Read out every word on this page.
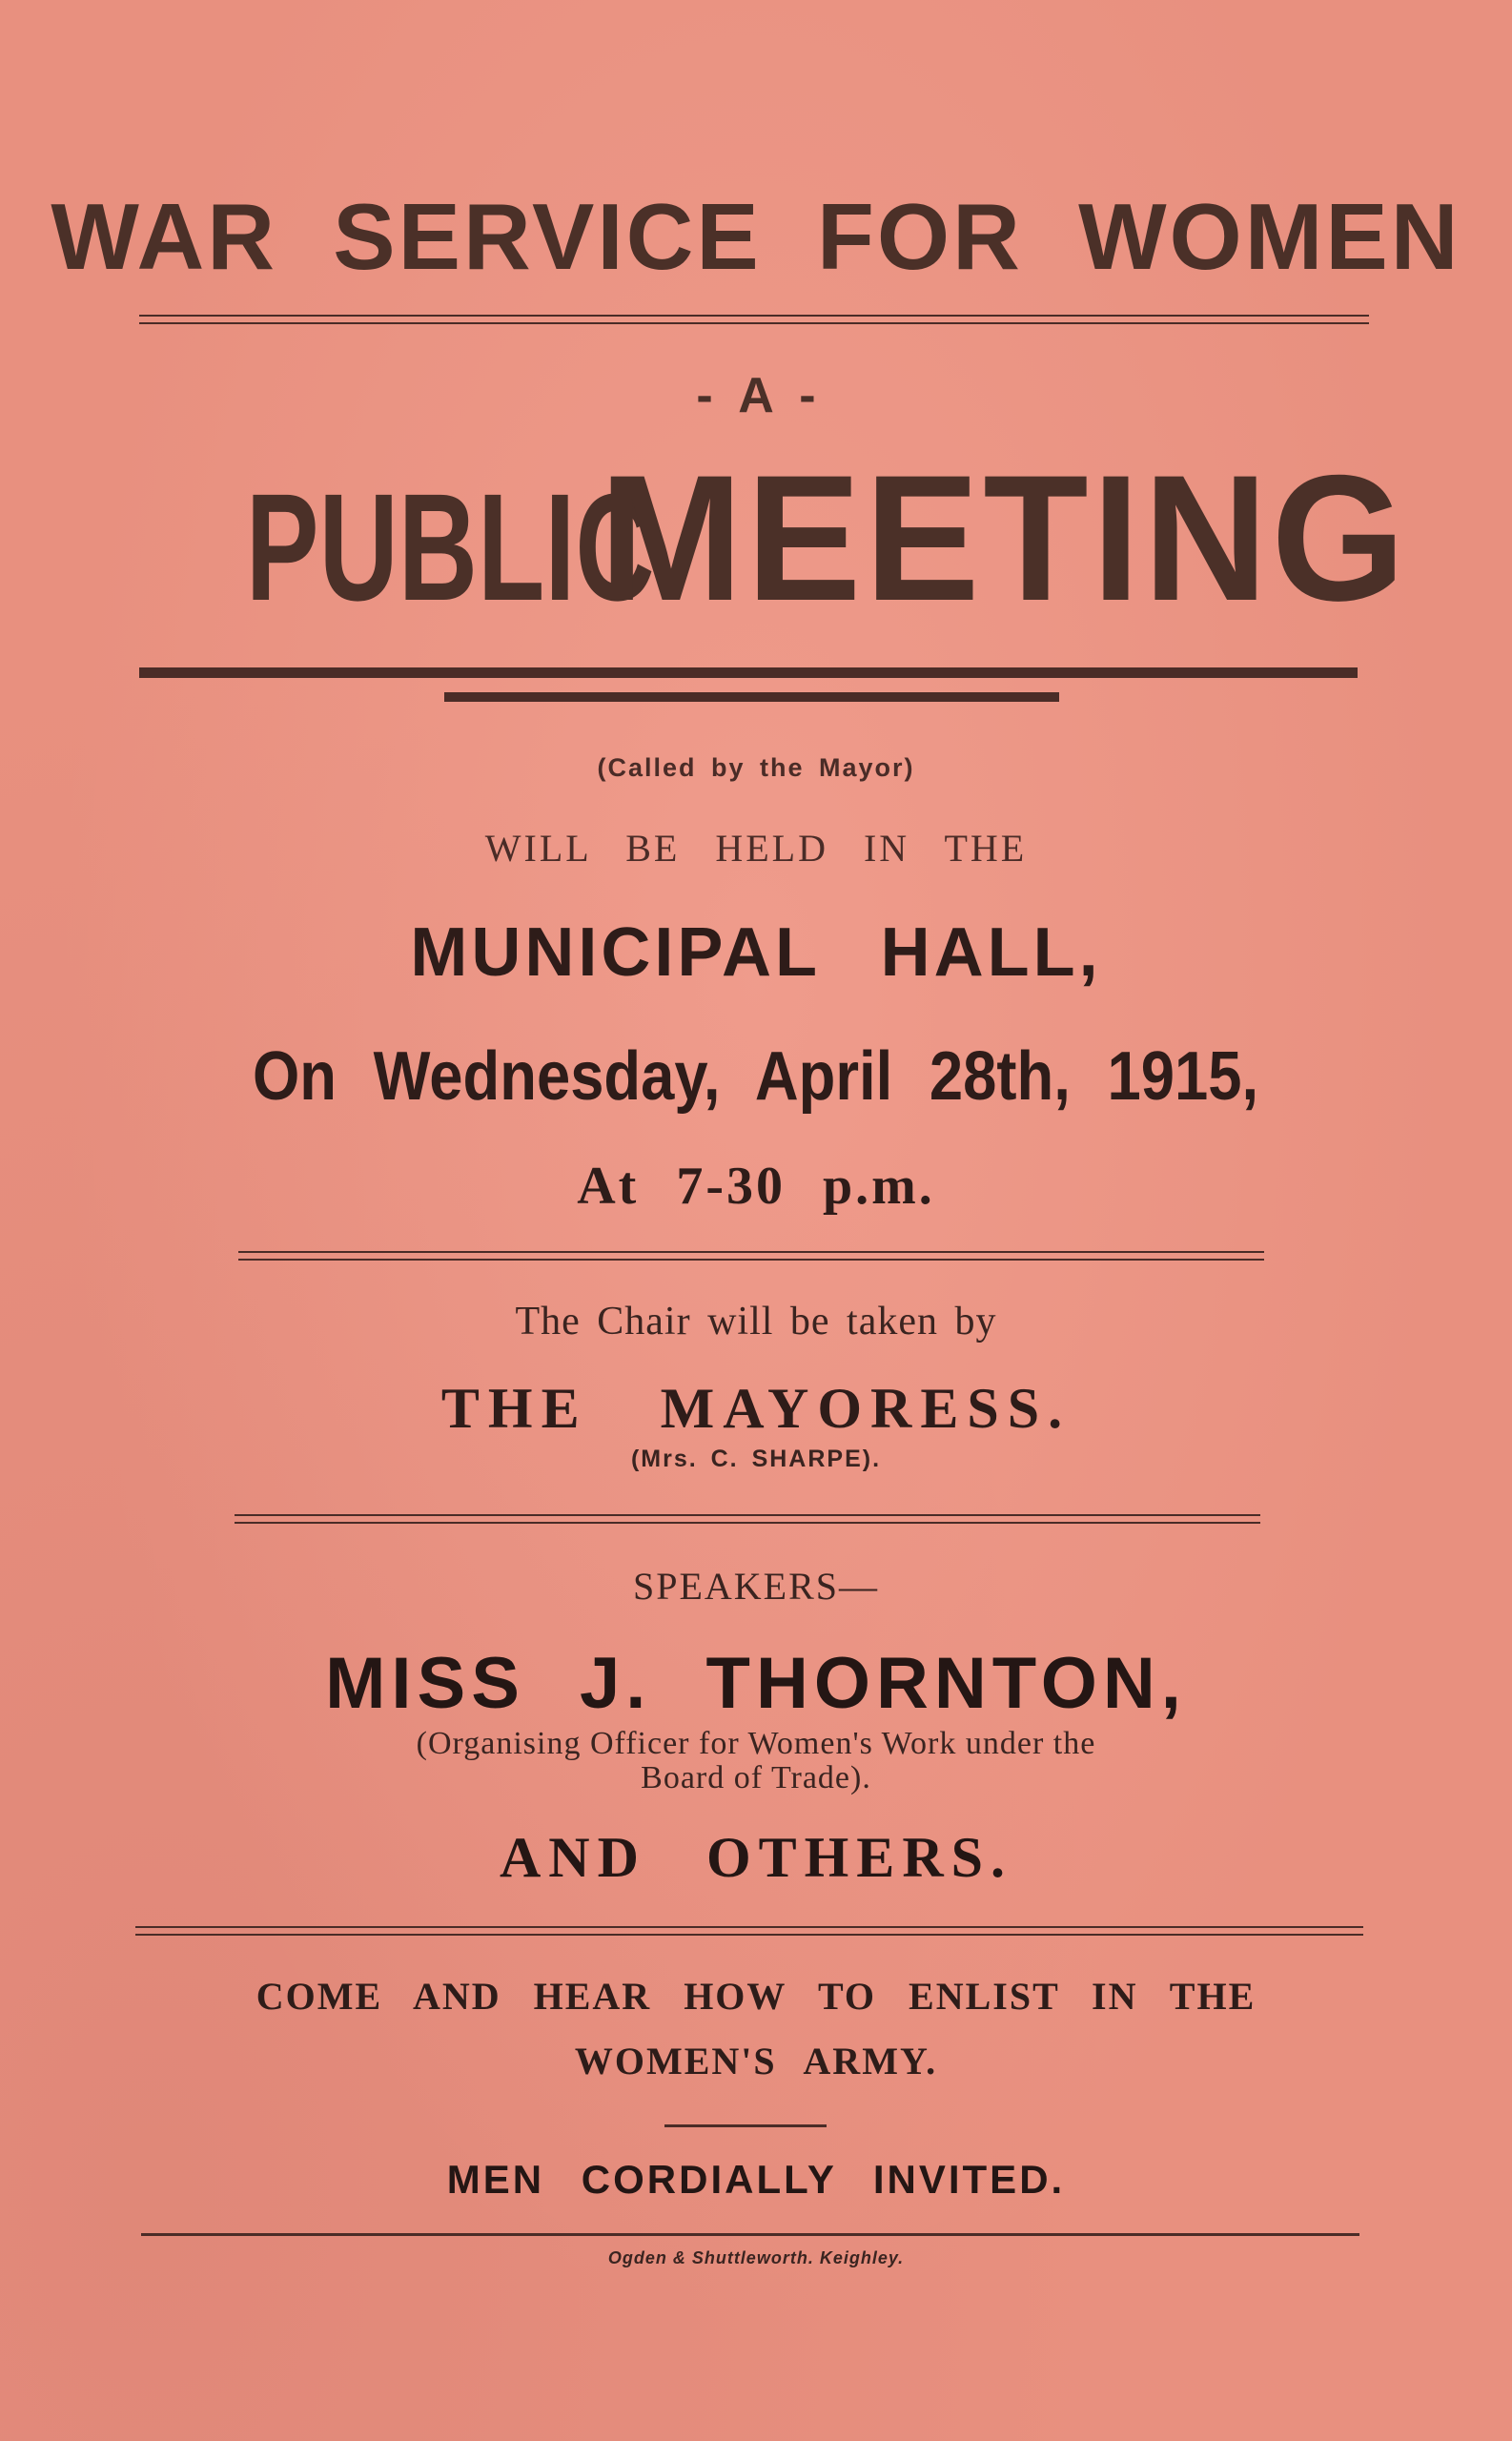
WAR SERVICE FOR WOMEN
- A -
PUBLIC MEETING
(Called by the Mayor)
WILL BE HELD IN THE
MUNICIPAL HALL,
On Wednesday, April 28th, 1915,
At 7-30 p.m.
The Chair will be taken by
THE MAYORESS.
(Mrs. C. SHARPE).
SPEAKERS—
MISS J. THORNTON,
(Organising Officer for Women's Work under the
Board of Trade).
AND OTHERS.
COME AND HEAR HOW TO ENLIST IN THE
WOMEN'S ARMY.
MEN CORDIALLY INVITED.
Ogden & Shuttleworth. Keighley.
